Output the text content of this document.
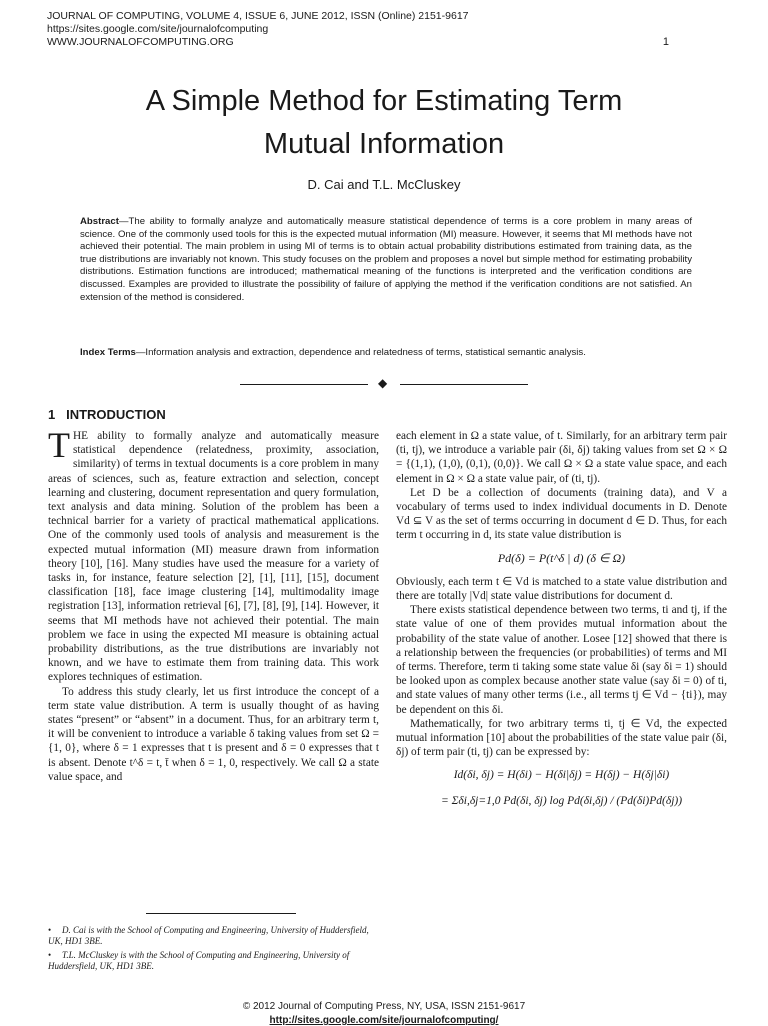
JOURNAL OF COMPUTING, VOLUME 4, ISSUE 6, JUNE 2012, ISSN (Online) 2151-9617
https://sites.google.com/site/journalofcomputing
WWW.JOURNALOFCOMPUTING.ORG	1
A Simple Method for Estimating Term
Mutual Information
D. Cai and T.L. McCluskey
Abstract—The ability to formally analyze and automatically measure statistical dependence of terms is a core problem in many areas of science. One of the commonly used tools for this is the expected mutual information (MI) measure. However, it seems that MI methods have not achieved their potential. The main problem in using MI of terms is to obtain actual probability distributions estimated from training data, as the true distributions are invariably not known. This study focuses on the problem and proposes a novel but simple method for estimating probability distributions. Estimation functions are introduced; mathematical meaning of the functions is interpreted and the verification conditions are discussed. Examples are provided to illustrate the possibility of failure of applying the method if the verification conditions are not satisfied. An extension of the method is considered.
Index Terms—Information analysis and extraction, dependence and relatedness of terms, statistical semantic analysis.
◆
1 INTRODUCTION
T HE ability to formally analyze and automatically measure statistical dependence (relatedness, proximity, association, similarity) of terms in textual documents is a core problem in many areas of sciences, such as, feature extraction and selection, concept learning and clustering, document representation and query formulation, text analysis and data mining. Solution of the problem has been a technical barrier for a variety of practical mathematical applications. One of the commonly used tools of analysis and measurement is the expected mutual information (MI) measure drawn from information theory [10], [16]. Many studies have used the measure for a variety of tasks in, for instance, feature selection [2], [1], [11], [15], document classification [18], face image clustering [14], multimodality image registration [13], information retrieval [6], [7], [8], [9], [14]. However, it seems that MI methods have not achieved their potential. The main problem we face in using the expected MI measure is obtaining actual probability distributions, as the true distributions are invariably not known, and we have to estimate them from training data. This work explores techniques of estimation.

To address this study clearly, let us first introduce the concept of a term state value distribution. A term is usually thought of as having states “present” or “absent” in a document. Thus, for an arbitrary term t, it will be convenient to introduce a variable δ taking values from set Ω = {1, 0}, where δ = 1 expresses that t is present and δ = 0 expresses that t is absent. Denote t^δ = t, t̄ when δ = 1, 0, respectively. We call Ω a state value space, and

each element in Ω a state value, of t. Similarly, for an arbitrary term pair (ti, tj), we introduce a variable pair (δi, δj) taking values from set Ω × Ω = {(1,1), (1,0), (0,1), (0,0)}. We call Ω × Ω a state value space, and each element in Ω × Ω a state value pair, of (ti, tj).

Let D be a collection of documents (training data), and V a vocabulary of terms used to index individual documents in D. Denote Vd ⊆ V as the set of terms occurring in document d ∈ D. Thus, for each term t occurring in d, its state value distribution is

Pd(δ) = P(t^δ | d) (δ ∈ Ω)

Obviously, each term t ∈ Vd is matched to a state value distribution and there are totally |Vd| state value distributions for document d.

There exists statistical dependence between two terms, ti and tj, if the state value of one of them provides mutual information about the probability of the state value of another. Losee [12] showed that there is a relationship between the frequencies (or probabilities) of terms and MI of terms. Therefore, term ti taking some state value δi (say δi = 1) should be looked upon as complex because another state value (say δi = 0) of ti, and state values of many other terms (i.e., all terms tj ∈ Vd − {ti}), may be dependent on this δi.

Mathematically, for two arbitrary terms ti, tj ∈ Vd, the expected mutual information [10] about the probabilities of the state value pair (δi, δj) of term pair (ti, tj) can be expressed by:

Id(δi, δj) = H(δi) − H(δi|δj) = H(δj) − H(δj|δi)
= Σδi,δj=1,0 Pd(δi, δj) log Pd(δi,δj) / (Pd(δi)Pd(δj))
• D. Cai is with the School of Computing and Engineering, University of Huddersfield, UK, HD1 3BE.
• T.L. McCluskey is with the School of Computing and Engineering, University of Huddersfield, UK, HD1 3BE.
© 2012 Journal of Computing Press, NY, USA, ISSN 2151-9617
http://sites.google.com/site/journalofcomputing/
